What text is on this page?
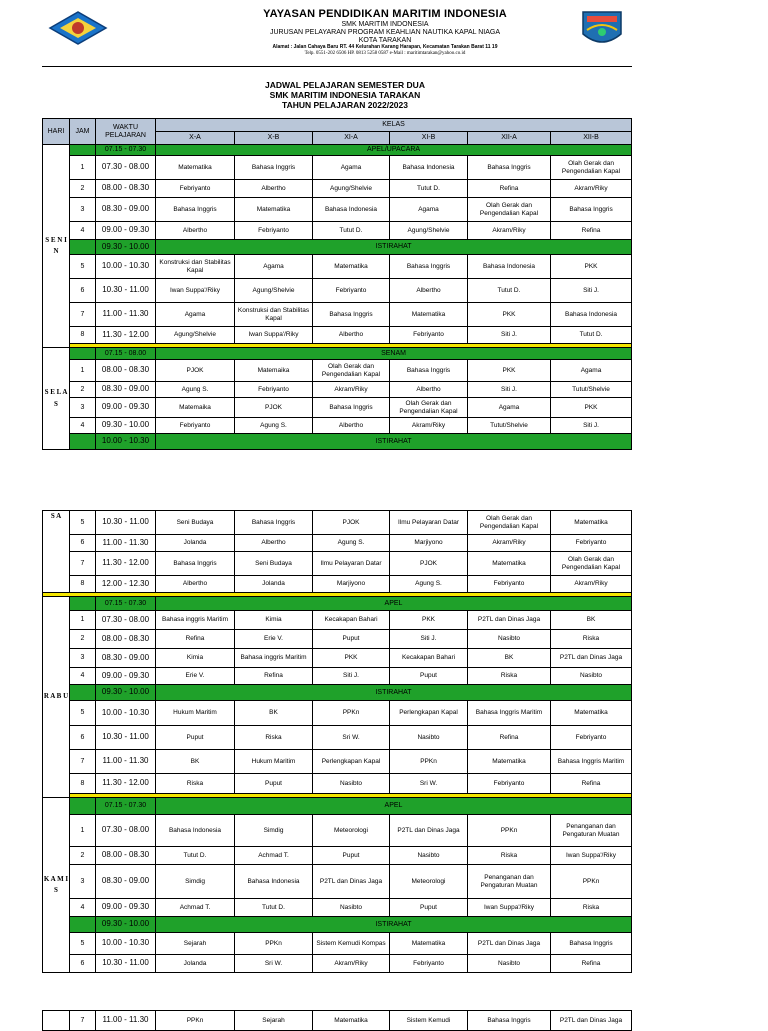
YAYASAN PENDIDIKAN MARITIM INDONESIA
SMK MARITIM INDONESIA
JURUSAN PELAYARAN PROGRAM KEAHLIAN NAUTIKA KAPAL NIAGA
KOTA TARAKAN
Alamat : Jalan Cahaya Baru RT. 44 Kelurahan Karang Harapan, Kecamatan Tarakan Barat 11 19
Telp. 0551-202 6506 HP. 0813 5258 0587 e-Mail : maritimtarakan@yahoo.co.id
JADWAL PELAJARAN SEMESTER DUA
SMK MARITIM INDONESIA TARAKAN
TAHUN PELAJARAN 2022/2023
HARI	JAM	WAKTU PELAJARAN	KELAS					
			X-A	X-B	XI-A	XI-B	XII-A	XII-B
S E N I N		07.15 - 07.30	APEL/UPACARA					
	1	07.30 - 08.00	Matematika	Bahasa Inggris	Agama	Bahasa Indonesia	Bahasa Inggris	Olah Gerak dan Pengendalian Kapal
	2	08.00 - 08.30	Febriyanto	Albertho	Agung/Shelvie	Tutut D.	Refina	Akram/Riky
	3	08.30 - 09.00	Bahasa Inggris	Matematika	Bahasa Indonesia	Agama	Olah Gerak dan Pengendalian Kapal	Bahasa Inggris
	4	09.00 - 09.30	Albertho	Febriyanto	Tutut D.	Agung/Shelvie	Akram/Riky	Refina
		09.30 - 10.00	ISTIRAHAT					
	5	10.00 - 10.30	Konstruksi dan Stabilitas Kapal	Agama	Matematika	Bahasa Inggris	Bahasa Indonesia	PKK
	6	10.30 - 11.00	Iwan Suppa'/Riky	Agung/Shelvie	Febriyanto	Albertho	Tutut D.	Siti J.
	7	11.00 - 11.30	Agama	Konstruksi dan Stabilitas Kapal	Bahasa Inggris	Matematika	PKK	Bahasa Indonesia
	8	11.30 - 12.00	Agung/Shelvie	Iwan Suppa'/Riky	Albertho	Febriyanto	Siti J.	Tutut D.

S E L A S		07.15 - 08.00	SENAM					
	1	08.00 - 08.30	PJOK	Matemaika	Olah Gerak dan Pengendalian Kapal	Bahasa Inggris	PKK	Agama
	2	08.30 - 09.00	Agung S.	Febriyanto	Akram/Riky	Albertho	Siti J.	Tutut/Shelvie
	3	09.00 - 09.30	Matemaika	PJOK	Bahasa Inggris	Olah Gerak dan Pengendalian Kapal	Agama	PKK
	4	09.30 - 10.00	Febriyanto	Agung S.	Albertho	Akram/Riky	Tutut/Shelvie	Siti J.
		10.00 - 10.30	ISTIRAHAT					
S A	5	10.30 - 11.00	Seni Budaya	Bahasa Inggris	PJOK	Ilmu Pelayaran Datar	Olah Gerak dan Pengendalian Kapal	Matematika
	6	11.00 - 11.30	Jolanda	Albertho	Agung S.	Marjiyono	Akram/Riky	Febriyanto
	7	11.30 - 12.00	Bahasa Inggris	Seni Budaya	Ilmu Pelayaran Datar	PJOK	Matematika	Olah Gerak dan Pengendalian Kapal
	8	12.00 - 12.30	Albertho	Jolanda	Marjiyono	Agung S.	Febriyanto	Akram/Riky

R A B U		07.15 - 07.30	APEL					
	1	07.30 - 08.00	Bahasa inggris Maritim	Kimia	Kecakapan Bahari	PKK	P2TL dan Dinas Jaga	BK
	2	08.00 - 08.30	Refina	Erie V.	Puput	Siti J.	Nasibto	Riska
	3	08.30 - 09.00	Kimia	Bahasa inggris Maritim	PKK	Kecakapan Bahari	BK	P2TL dan Dinas Jaga
	4	09.00 - 09.30	Erie V.	Refina	Siti J.	Puput	Riska	Nasibto
		09.30 - 10.00	ISTIRAHAT					
	5	10.00 - 10.30	Hukum Maritim	BK	PPKn	Perlengkapan Kapal	Bahasa Inggris Maritim	Matematika
	6	10.30 - 11.00	Puput	Riska	Sri W.	Nasibto	Refina	Febriyanto
	7	11.00 - 11.30	BK	Hukum Maritim	Perlengkapan Kapal	PPKn	Matematika	Bahasa Inggris Maritim
	8	11.30 - 12.00	Riska	Puput	Nasibto	Sri W.	Febriyanto	Refina

K A M I S		07.15 - 07.30	APEL					
	1	07.30 - 08.00	Bahasa Indonesia	Simdig	Meteorologi	P2TL dan Dinas Jaga	PPKn	Penanganan dan Pengaturan Muatan
	2	08.00 - 08.30	Tutut D.	Achmad T.	Puput	Nasibto	Riska	Iwan Suppa'/Riky
	3	08.30 - 09.00	Simdig	Bahasa Indonesia	P2TL dan Dinas Jaga	Meteorologi	Penanganan dan Pengaturan Muatan	PPKn
	4	09.00 - 09.30	Achmad T.	Tutut D.	Nasibto	Puput	Iwan Suppa'/Riky	Riska
		09.30 - 10.00	ISTIRAHAT					
	5	10.00 - 10.30	Sejarah	PPKn	Sistem Kemudi Kompas	Matematika	P2TL dan Dinas Jaga	Bahasa Inggris
	6	10.30 - 11.00	Jolanda	Sri W.	Akram/Riky	Febriyanto	Nasibto	Refina
	7	11.00 - 11.30	PPKn	Sejarah	Matematika	Sistem Kemudi	Bahasa Inggris	P2TL dan Dinas Jaga
